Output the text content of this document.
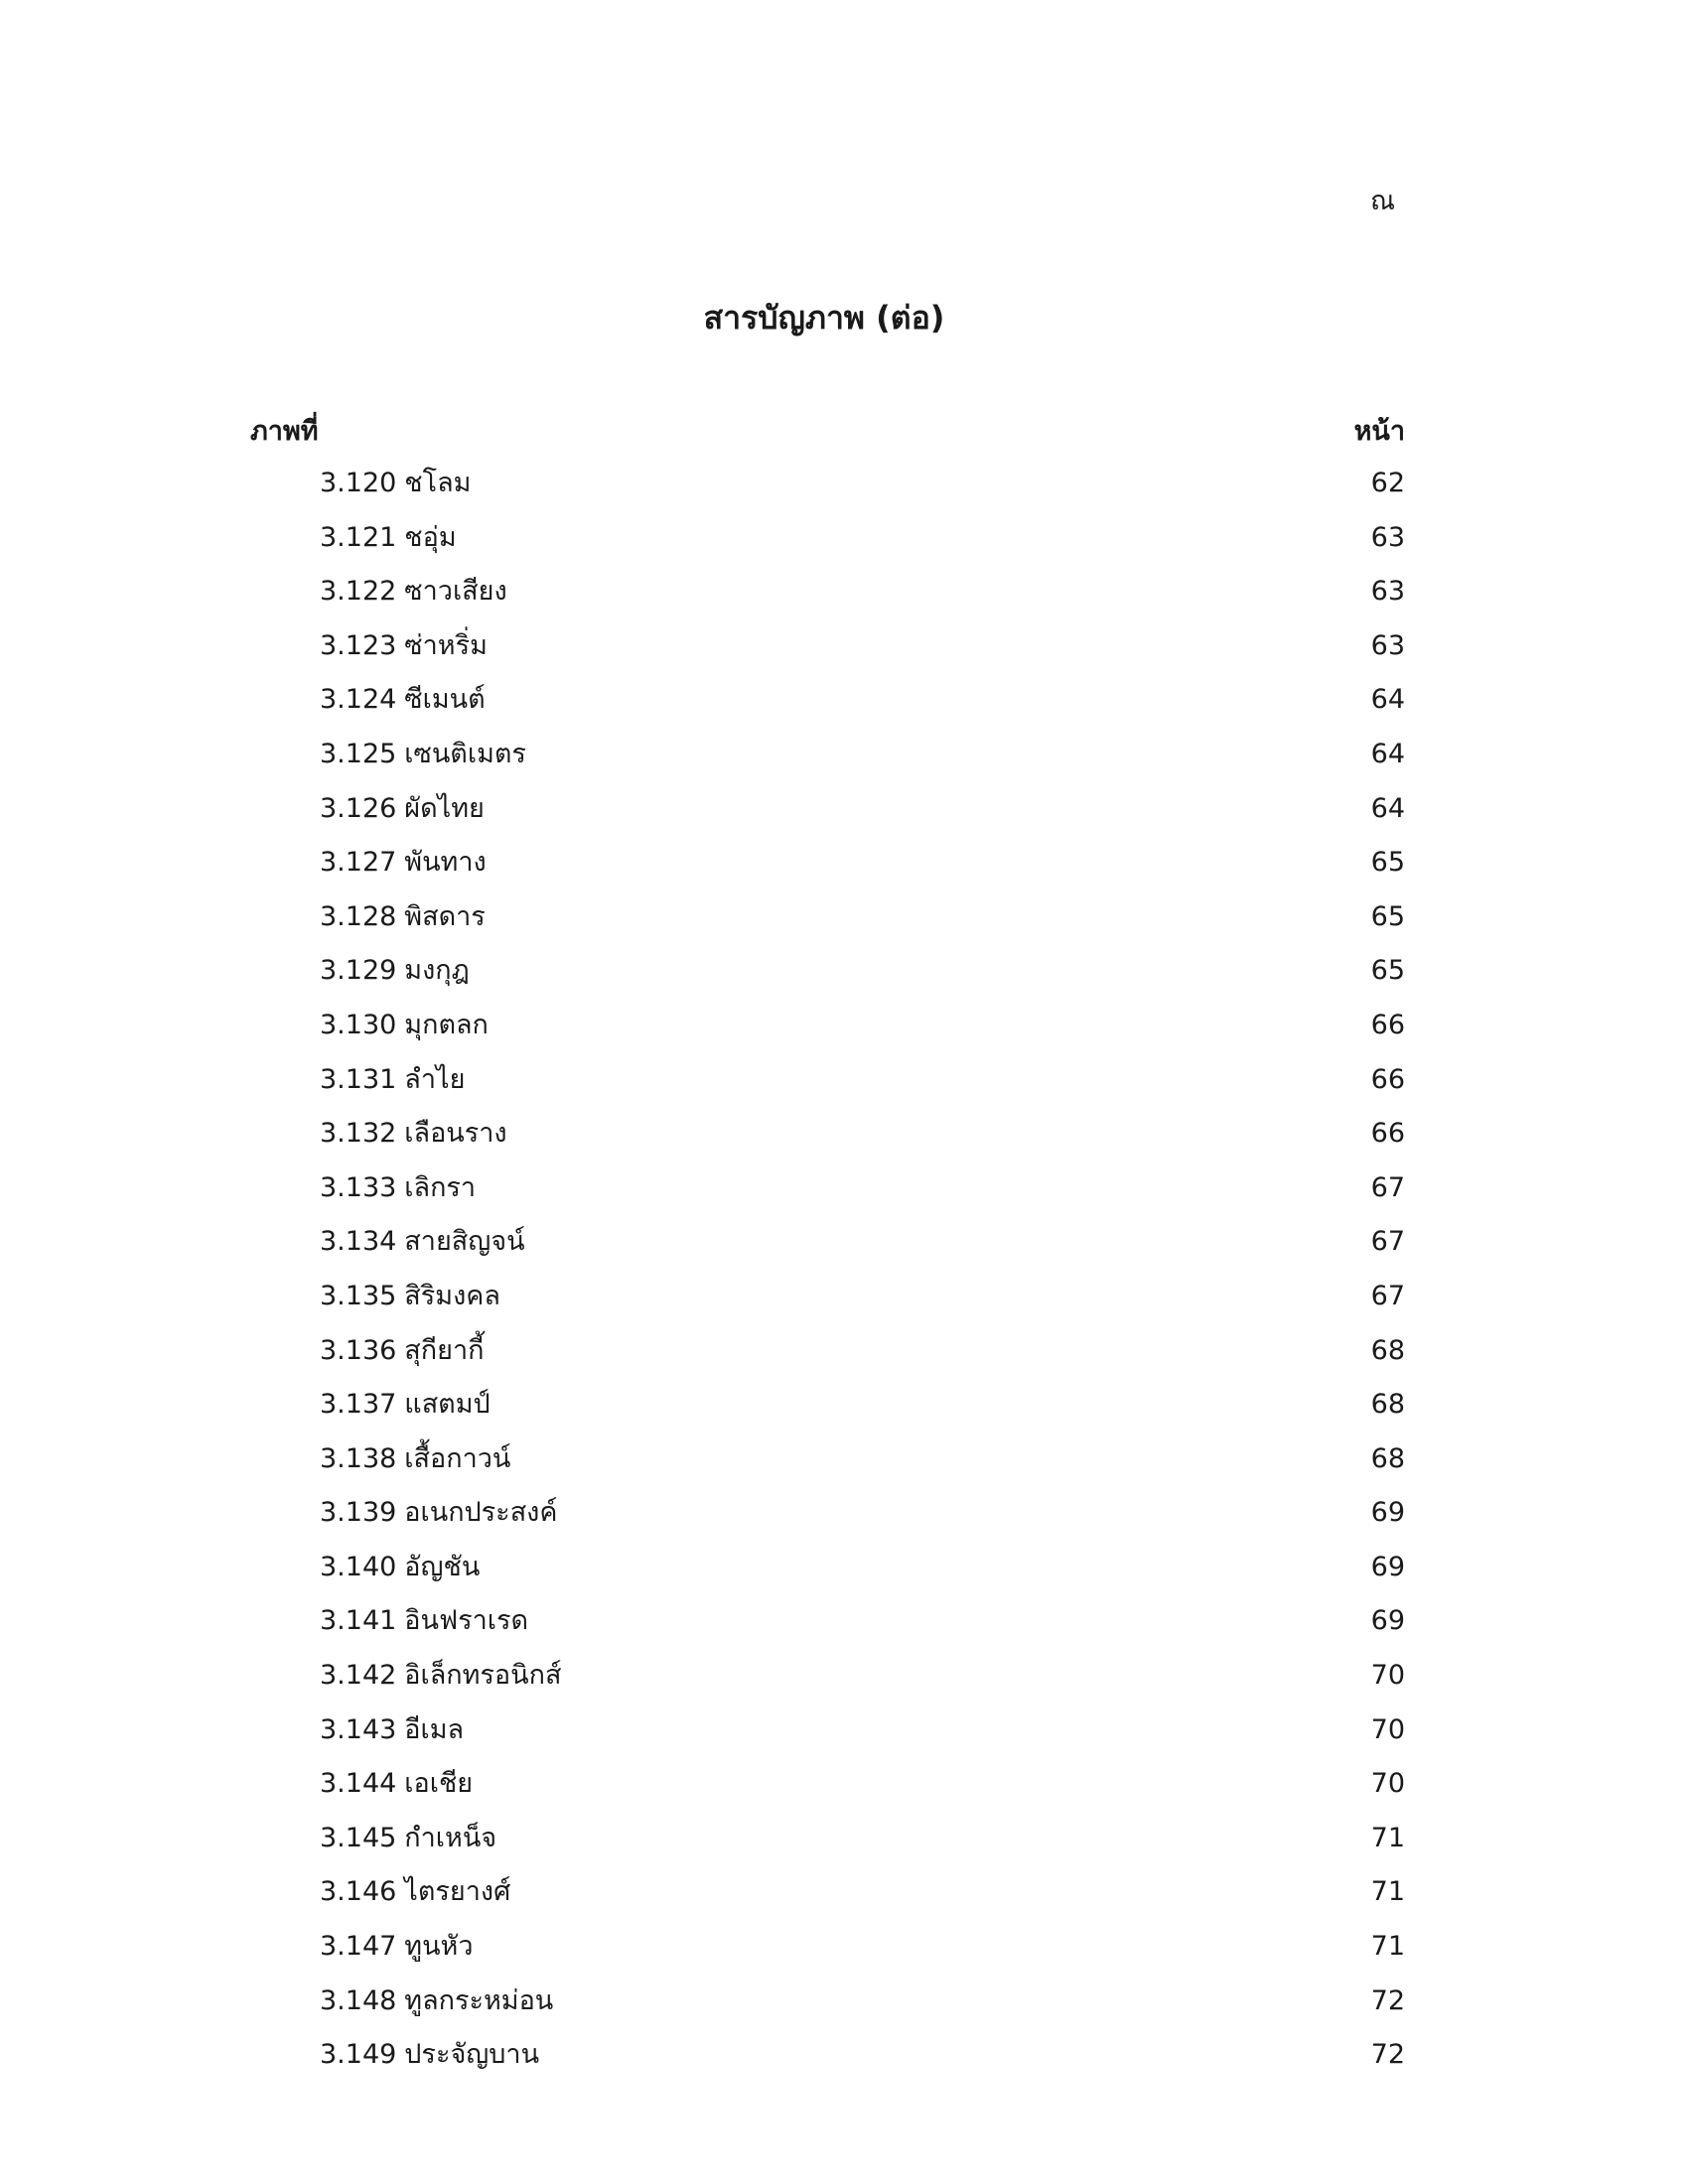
ณ
สารบัญภาพ (ต่อ)
ภาพที่	หน้า
3.120 ชโลม	62
3.121 ชอุ่ม	63
3.122 ซาวเสียง	63
3.123 ซ่าหริ่ม	63
3.124 ซีเมนต์	64
3.125 เซนติเมตร	64
3.126 ผัดไทย	64
3.127 พันทาง	65
3.128 พิสดาร	65
3.129 มงกุฎ	65
3.130 มุกตลก	66
3.131 ลำไย	66
3.132 เลือนราง	66
3.133 เลิกรา	67
3.134 สายสิญจน์	67
3.135 สิริมงคล	67
3.136 สุกียากี้	68
3.137 แสตมป์	68
3.138 เสื้อกาวน์	68
3.139 อเนกประสงค์	69
3.140 อัญชัน	69
3.141 อินฟราเรด	69
3.142 อิเล็กทรอนิกส์	70
3.143 อีเมล	70
3.144 เอเชีย	70
3.145 กำเหน็จ	71
3.146 ไตรยางศ์	71
3.147 ทูนหัว	71
3.148 ทูลกระหม่อน	72
3.149 ประจัญบาน	72
